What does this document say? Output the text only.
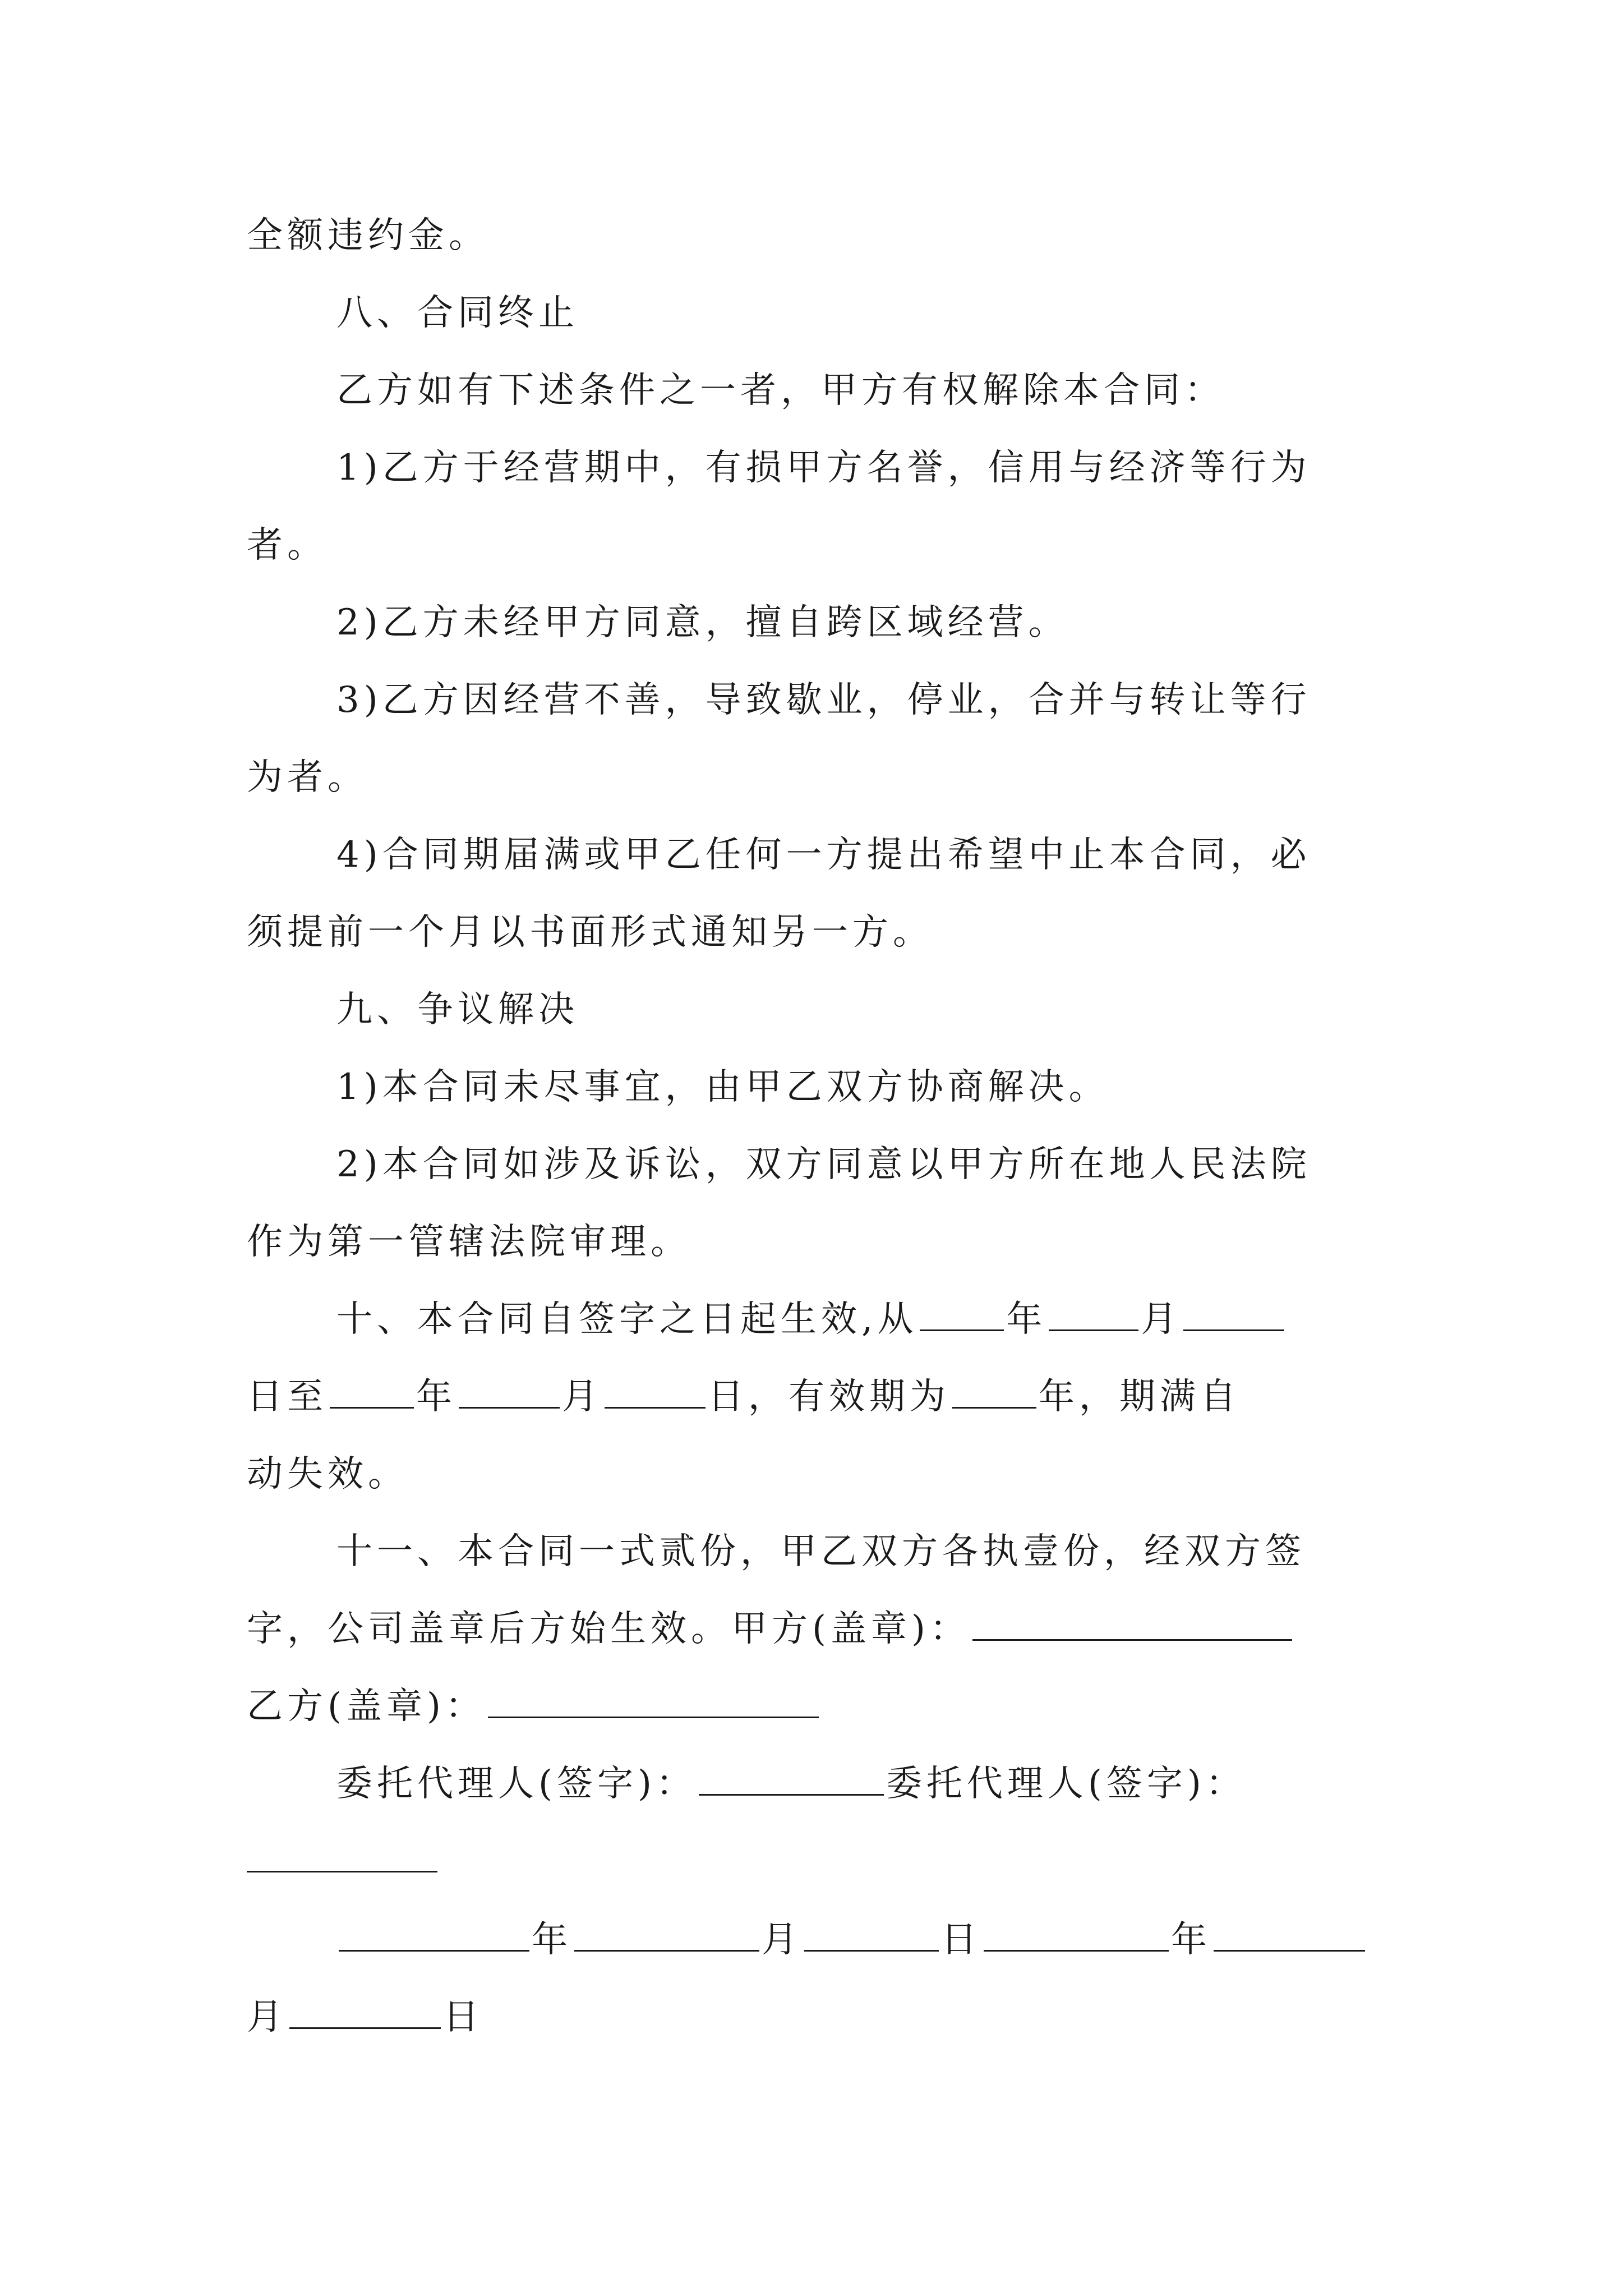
全额违约金。
八、合同终止
乙方如有下述条件之一者，甲方有权解除本合同：
1)乙方于经营期中，有损甲方名誉，信用与经济等行为
者。
2)乙方未经甲方同意，擅自跨区域经营。
3)乙方因经营不善，导致歇业，停业，合并与转让等行
为者。
4)合同期届满或甲乙任何一方提出希望中止本合同，必
须提前一个月以书面形式通知另一方。
九、争议解决
1)本合同未尽事宜，由甲乙双方协商解决。
2)本合同如涉及诉讼，双方同意以甲方所在地人民法院
作为第一管辖法院审理。
十、本合同自签字之日起生效,从 年	月
日至 年	月	日，有效期为 年，期满自
动失效。
十一、本合同一式贰份，甲乙双方各执壹份，经双方签
字，公司盖章后方始生效。甲方(盖章)：
乙方(盖章)：
委托代理人(签字)：	委托代理人(签字)：
年	月	日	年
月	日
